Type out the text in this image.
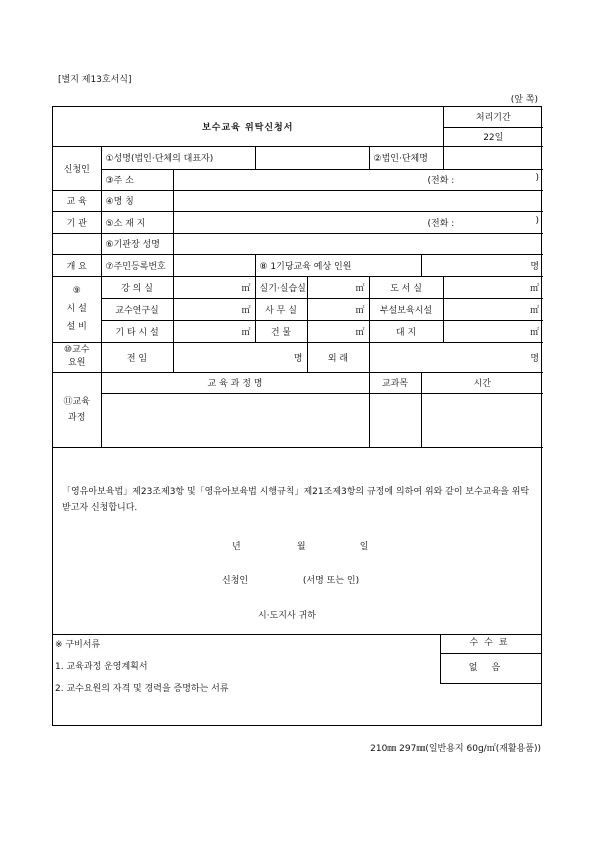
[별지 제13호서식]
(앞 쪽)
보수교육 위탁신청서							처리기간
							22일
신청인	①성명(법인·단체의 대표자)				②법인·단체명		
	③주 소	(전화 : )					

교 육	④명 칭						
기 관	⑤소 재 지	(전화 : )					

	⑥기관장 성명						
개 요	⑦주민등록번호		⑧ 1기당교육 예상 인원			명	

⑨
시 설
설 비	강 의 실	㎡	실기·실습실	㎡	도 서 실		㎡
	교수연구실	㎡	사 무 실	㎡	부설보육시설		㎡
	기 타 시 설	㎡	건 물	㎡	대 지		㎡

⑩교수
요원	전 임	명		외 래	명		

⑪교육
과정	교 육 과 정 명				교과목	시간	

「영유아보육법」제23조제3항 및「영유아보육법 시행규칙」제21조제3항의 규정에 의하여 위와 같이 보수교육을 위탁받고자 신청합니다.
년	월	일
신청인	(서명 또는 인)
시·도지사 귀하
※ 구비서류
1. 교육과정 운영계획서
2. 교수요원의 자격 및 경력을 증명하는 서류
수수료
없음
210㎜ 297㎜(일반용지 60g/㎡(재활용품))
